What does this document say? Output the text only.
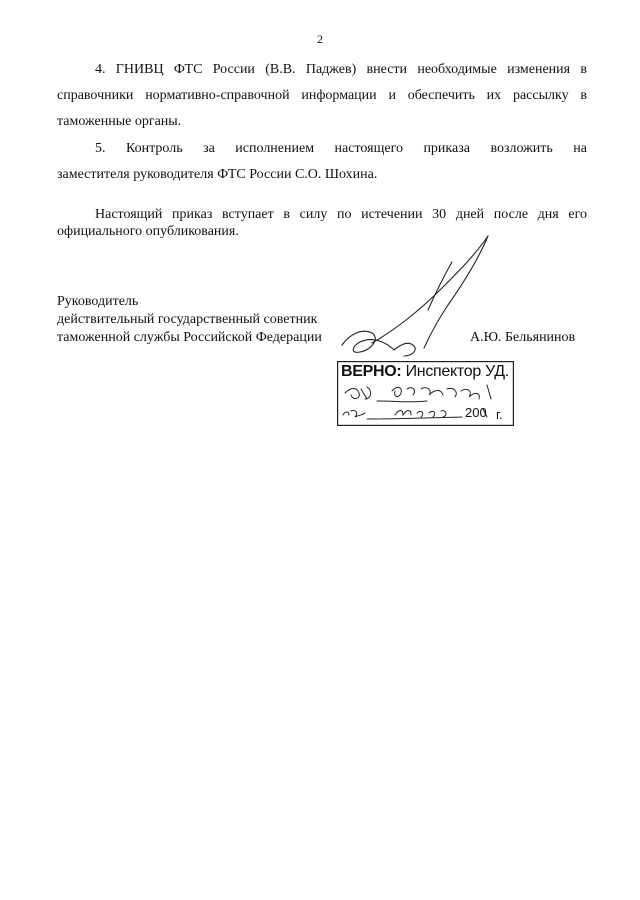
2
4. ГНИВЦ ФТС России (В.В. Паджев) внести необходимые изменения в
справочники нормативно-справочной информации и обеспечить их рассылку в
таможенные органы.
5. Контроль за исполнением настоящего приказа возложить на
заместителя руководителя ФТС России С.О. Шохина.
Настоящий приказ вступает в силу по истечении 30 дней после дня его
официального опубликования.
Руководитель
действительный государственный советник
таможенной службы Российской Федерации	А.Ю. Бельянинов
ВЕРНО: Инспектор УД.
200 г.
